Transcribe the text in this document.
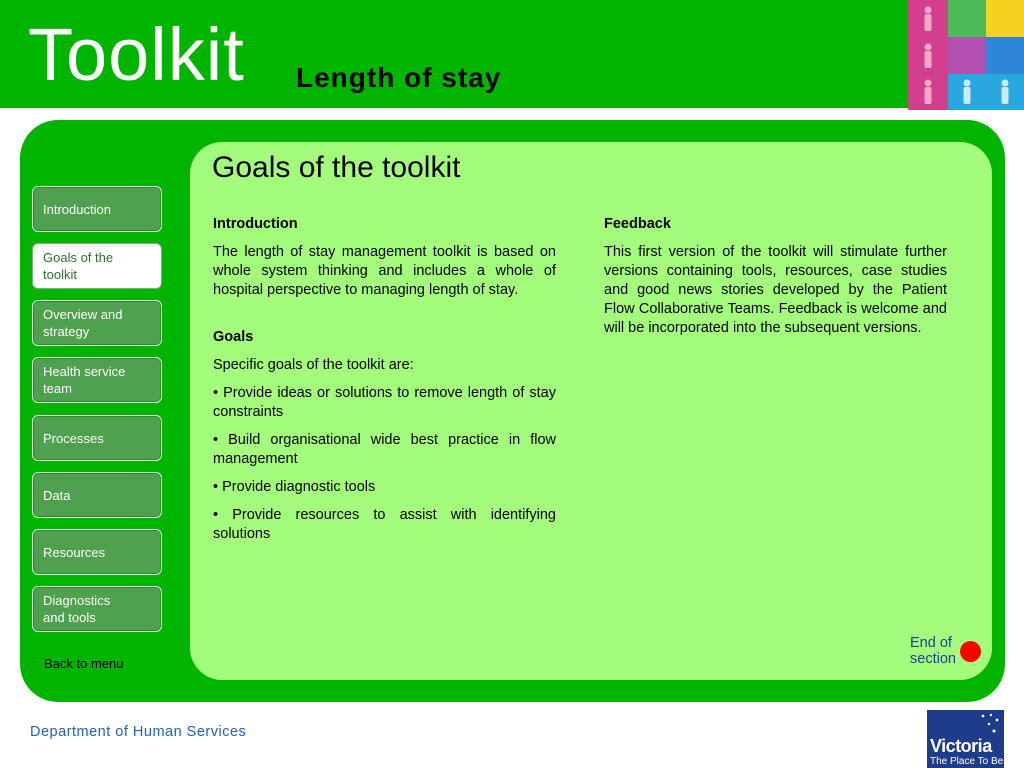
Toolkit Length of stay
Introduction
Goals of the
toolkit
Overview and
strategy
Health service
team
Processes
Data
Resources
Diagnostics
and tools
Back to menu
Goals of the toolkit
Introduction

The length of stay management toolkit is based on whole system thinking and includes a whole of hospital perspective to managing length of stay.

Goals

Specific goals of the toolkit are:

• Provide ideas or solutions to remove length of stay constraints

• Build organisational wide best practice in flow management

• Provide diagnostic tools

• Provide resources to assist with identifying solutions

Feedback

This first version of the toolkit will stimulate further versions containing tools, resources, case studies and good news stories developed by the Patient Flow Collaborative Teams. Feedback is welcome and will be incorporated into the subsequent versions.

End of
section
Department of Human Services
Victoria
The Place To Be
